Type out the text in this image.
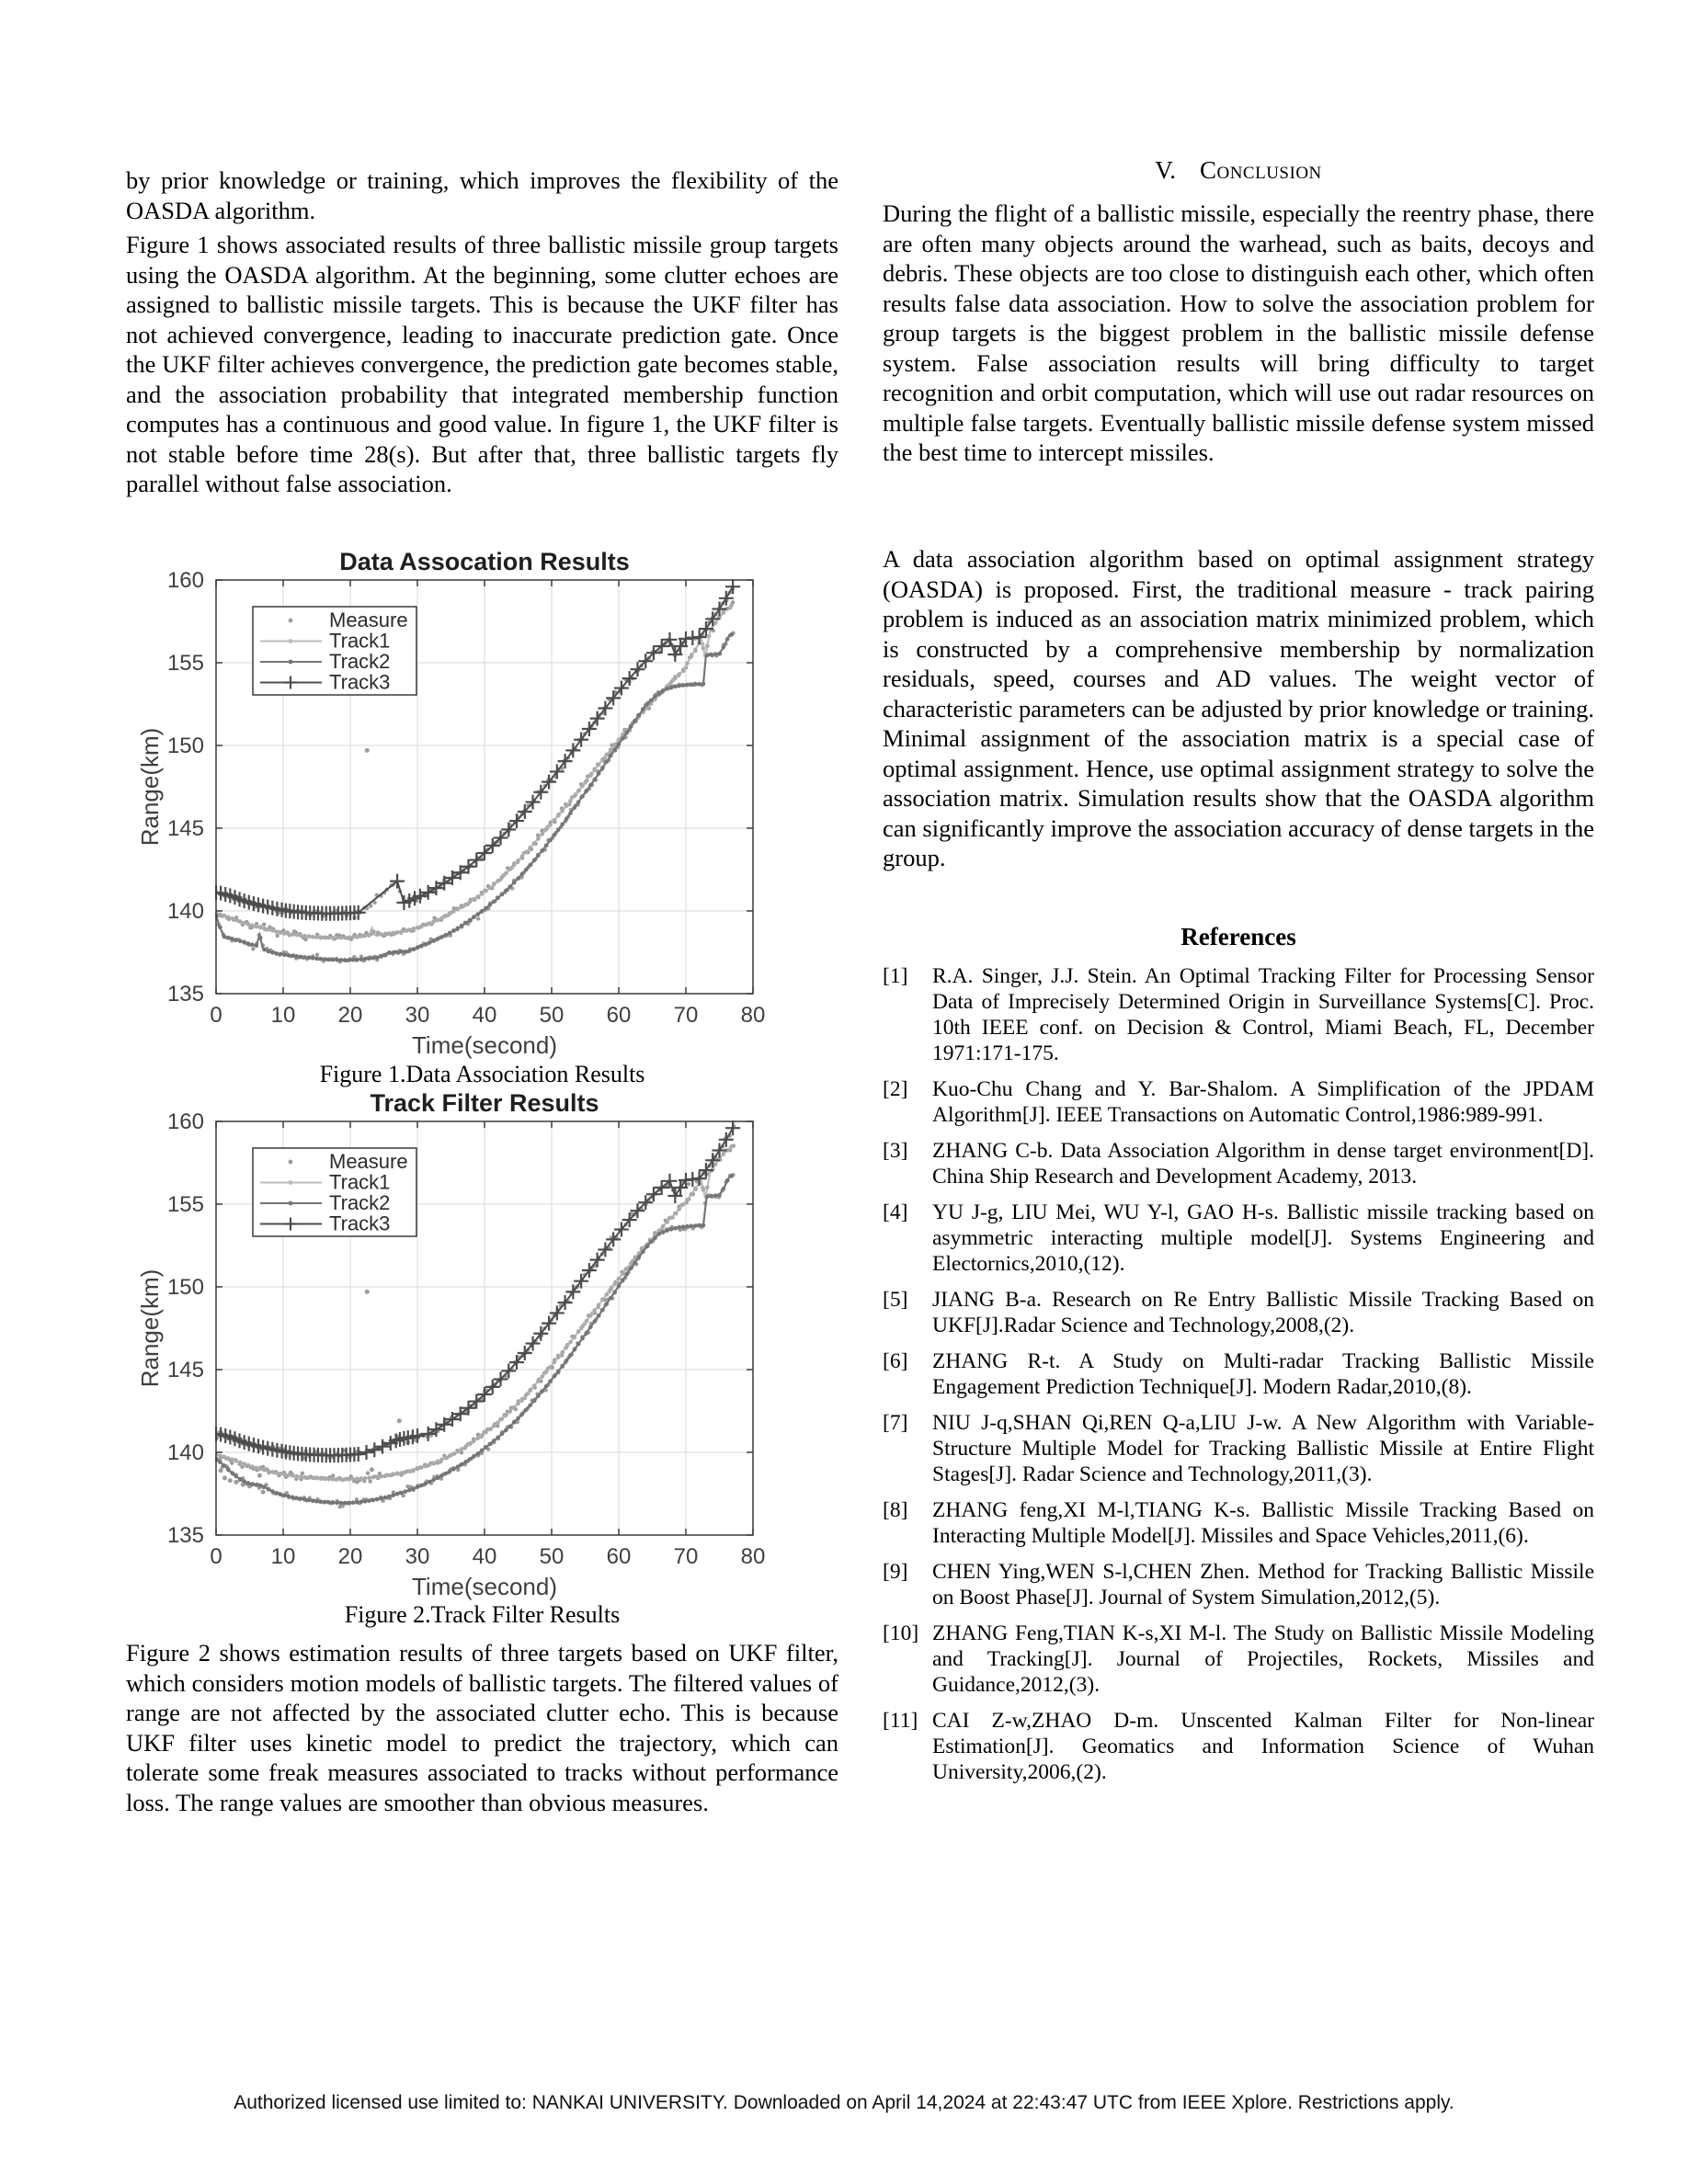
by prior knowledge or training, which improves the flexibility of the OASDA algorithm.
Figure 1 shows associated results of three ballistic missile group targets using the OASDA algorithm. At the beginning, some clutter echoes are assigned to ballistic missile targets. This is because the UKF filter has not achieved convergence, leading to inaccurate prediction gate. Once the UKF filter achieves convergence, the prediction gate becomes stable, and the association probability that integrated membership function computes has a continuous and good value. In figure 1, the UKF filter is not stable before time 28(s). But after that, three ballistic targets fly parallel without false association.
0 10 20 30 40 50 60 70 80
135
140
145
150
155
160
Data Assocation Results
Time(second)
Range(km)
Measure
Track1
Track2
Track3
Figure 1.Data Association Results
0 10 20 30 40 50 60 70 80
135
140
145
150
155
160
Track Filter Results
Time(second)
Range(km)
Measure
Track1
Track2
Track3
Figure 2.Track Filter Results
Figure 2 shows estimation results of three targets based on UKF filter, which considers motion models of ballistic targets. The filtered values of range are not affected by the associated clutter echo. This is because UKF filter uses kinetic model to predict the trajectory, which can tolerate some freak measures associated to tracks without performance loss. The range values are smoother than obvious measures.
V. Conclusion
During the flight of a ballistic missile, especially the reentry phase, there are often many objects around the warhead, such as baits, decoys and debris. These objects are too close to distinguish each other, which often results false data association. How to solve the association problem for group targets is the biggest problem in the ballistic missile defense system. False association results will bring difficulty to target recognition and orbit computation, which will use out radar resources on multiple false targets. Eventually ballistic missile defense system missed the best time to intercept missiles.
A data association algorithm based on optimal assignment strategy (OASDA) is proposed. First, the traditional measure - track pairing problem is induced as an association matrix minimized problem, which is constructed by a comprehensive membership by normalization residuals, speed, courses and AD values. The weight vector of characteristic parameters can be adjusted by prior knowledge or training. Minimal assignment of the association matrix is a special case of optimal assignment. Hence, use optimal assignment strategy to solve the association matrix. Simulation results show that the OASDA algorithm can significantly improve the association accuracy of dense targets in the group.
References
[1] R.A. Singer, J.J. Stein. An Optimal Tracking Filter for Processing Sensor Data of Imprecisely Determined Origin in Surveillance Systems[C]. Proc. 10th IEEE conf. on Decision & Control, Miami Beach, FL, December 1971:171-175.
[2] Kuo-Chu Chang and Y. Bar-Shalom. A Simplification of the JPDAM Algorithm[J]. IEEE Transactions on Automatic Control,1986:989-991.
[3] ZHANG C-b. Data Association Algorithm in dense target environment[D]. China Ship Research and Development Academy, 2013.
[4] YU J-g, LIU Mei, WU Y-l, GAO H-s. Ballistic missile tracking based on asymmetric interacting multiple model[J]. Systems Engineering and Electornics,2010,(12).
[5] JIANG B-a. Research on Re Entry Ballistic Missile Tracking Based on UKF[J].Radar Science and Technology,2008,(2).
[6] ZHANG R-t. A Study on Multi-radar Tracking Ballistic Missile Engagement Prediction Technique[J]. Modern Radar,2010,(8).
[7] NIU J-q,SHAN Qi,REN Q-a,LIU J-w. A New Algorithm with Variable-Structure Multiple Model for Tracking Ballistic Missile at Entire Flight Stages[J]. Radar Science and Technology,2011,(3).
[8] ZHANG feng,XI M-l,TIANG K-s. Ballistic Missile Tracking Based on Interacting Multiple Model[J]. Missiles and Space Vehicles,2011,(6).
[9] CHEN Ying,WEN S-l,CHEN Zhen. Method for Tracking Ballistic Missile on Boost Phase[J]. Journal of System Simulation,2012,(5).
[10] ZHANG Feng,TIAN K-s,XI M-l. The Study on Ballistic Missile Modeling and Tracking[J]. Journal of Projectiles, Rockets, Missiles and Guidance,2012,(3).
[11] CAI Z-w,ZHAO D-m. Unscented Kalman Filter for Non-linear Estimation[J]. Geomatics and Information Science of Wuhan University,2006,(2).
Authorized licensed use limited to: NANKAI UNIVERSITY. Downloaded on April 14,2024 at 22:43:47 UTC from IEEE Xplore. Restrictions apply.
